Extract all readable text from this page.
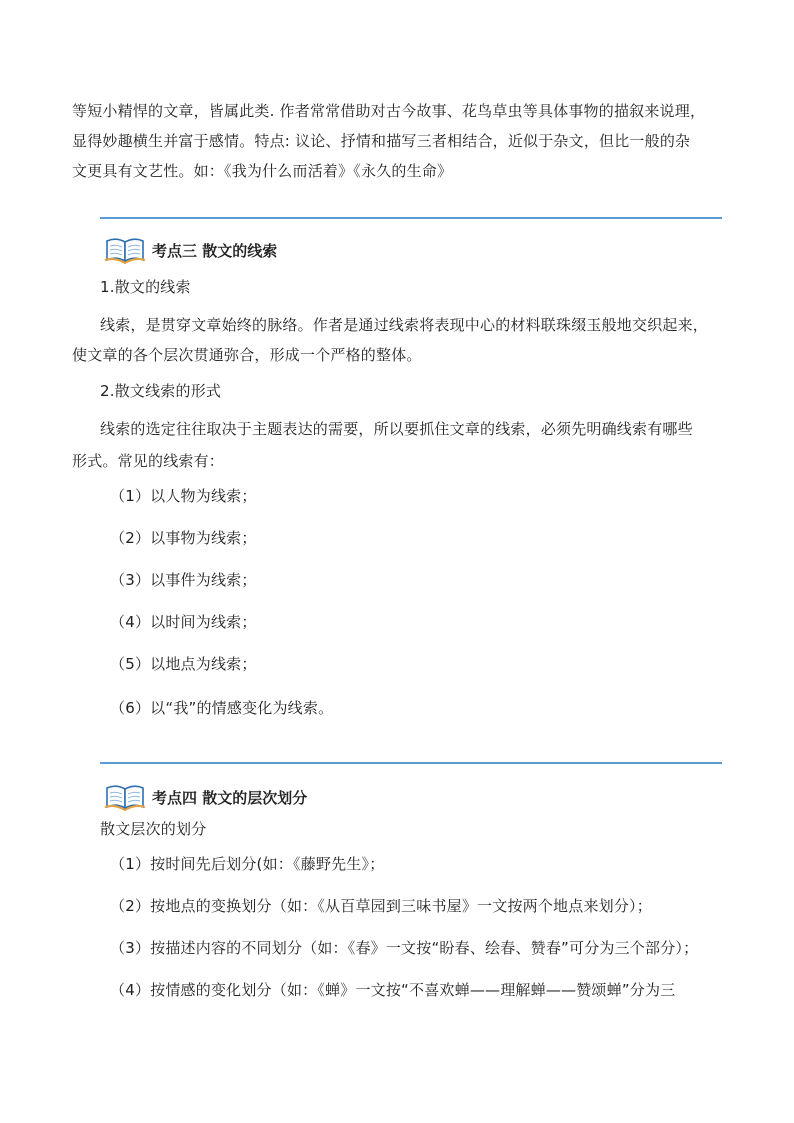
等短小精悍的文章，皆属此类. 作者常常借助对古今故事、花鸟草虫等具体事物的描叙来说理，

显得妙趣横生并富于感情。特点: 议论、抒情和描写三者相结合，近似于杂文，但比一般的杂

文更具有文艺性。如：《我为什么而活着》《永久的生命》

考点三 散文的线索

1.散文的线索

线索，是贯穿文章始终的脉络。作者是通过线索将表现中心的材料联珠缀玉般地交织起来，

使文章的各个层次贯通弥合，形成一个严格的整体。

2.散文线索的形式

线索的选定往往取决于主题表达的需要，所以要抓住文章的线索，必须先明确线索有哪些

形式。常见的线索有：

（1）以人物为线索；

（2）以事物为线索；

（3）以事件为线索；

（4）以时间为线索；

（5）以地点为线索；

（6）以“我”的情感变化为线索。

考点四 散文的层次划分

散文层次的划分

（1）按时间先后划分(如：《藤野先生》；

（2）按地点的变换划分（如：《从百草园到三味书屋》一文按两个地点来划分）；

（3）按描述内容的不同划分（如：《春》一文按“盼春、绘春、赞春”可分为三个部分）；

（4）按情感的变化划分（如：《蝉》一文按“不喜欢蝉——理解蝉——赞颂蝉”分为三
